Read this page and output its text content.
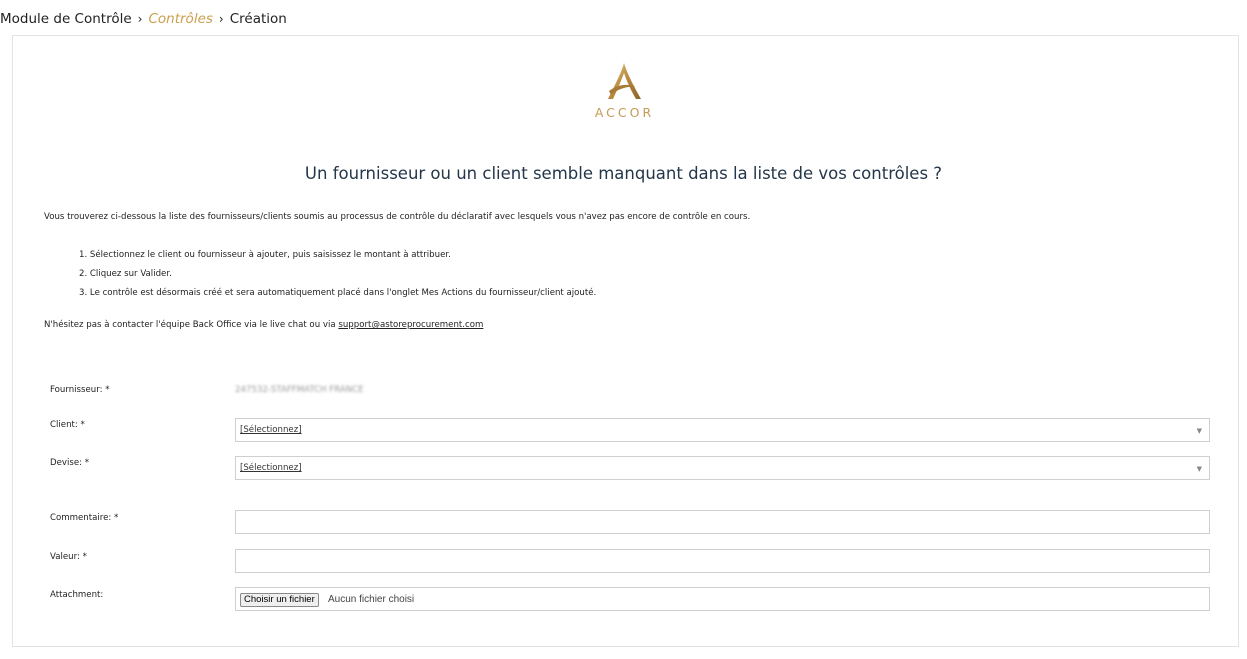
Module de Contrôle › Contrôles › Création
ACCOR
Un fournisseur ou un client semble manquant dans la liste de vos contrôles ?
Vous trouverez ci-dessous la liste des fournisseurs/clients soumis au processus de contrôle du déclaratif avec lesquels vous n'avez pas encore de contrôle en cours.
1. Sélectionnez le client ou fournisseur à ajouter, puis saisissez le montant à attribuer.
2. Cliquez sur Valider.
3. Le contrôle est désormais créé et sera automatiquement placé dans l'onglet Mes Actions du fournisseur/client ajouté.
N'hésitez pas à contacter l'équipe Back Office via le live chat ou via support@astoreprocurement.com
Fournisseur: *	247532-STAFFMATCH FRANCE
Client: *	[Sélectionnez]	▼
Devise: *	[Sélectionnez]	▼
Commentaire: *
Valeur: *
Attachment:	Choisir un fichier	Aucun fichier choisi
